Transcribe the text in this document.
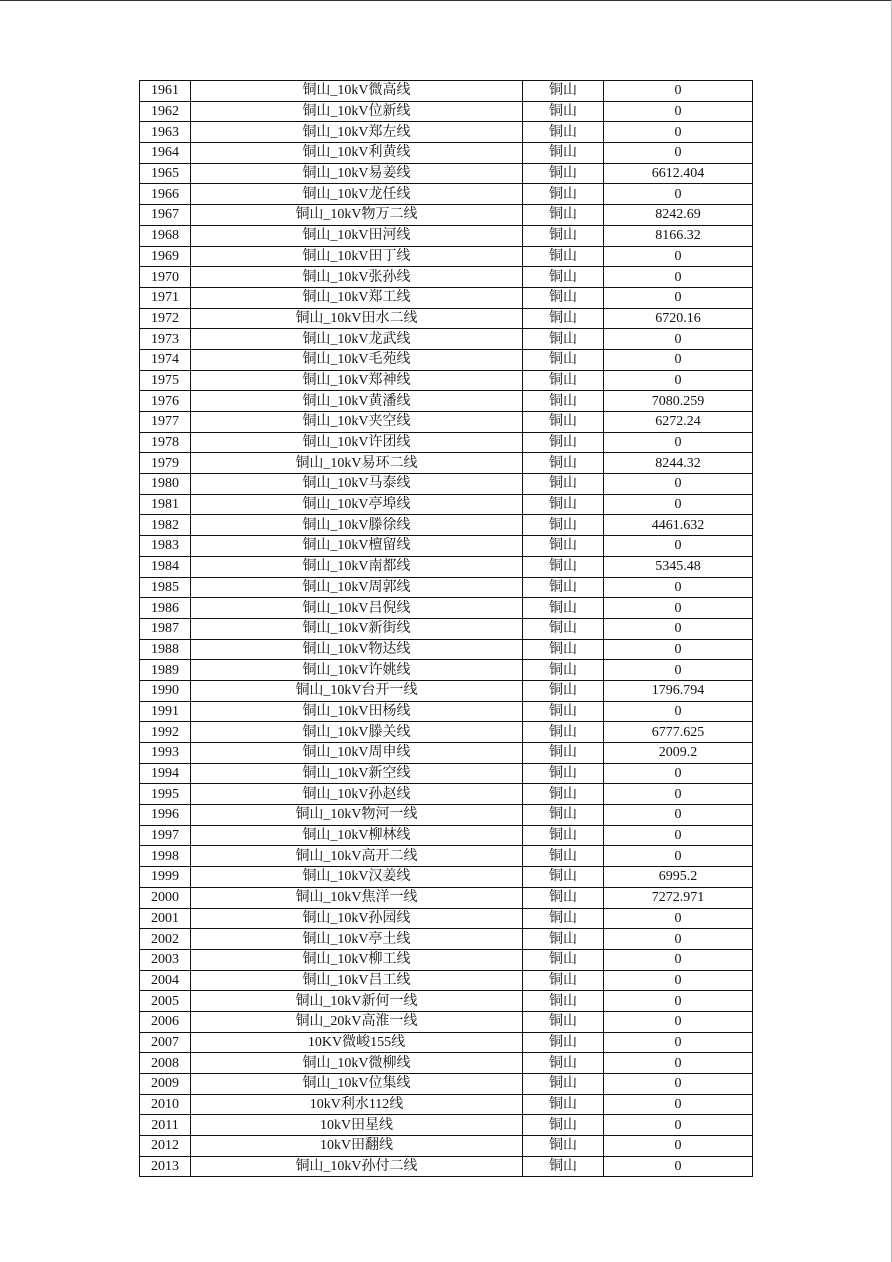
1961	铜山_10kV微高线	铜山	0
1962	铜山_10kV位新线	铜山	0
1963	铜山_10kV郑左线	铜山	0
1964	铜山_10kV利黄线	铜山	0
1965	铜山_10kV易姜线	铜山	6612.404
1966	铜山_10kV龙任线	铜山	0
1967	铜山_10kV物万二线	铜山	8242.69
1968	铜山_10kV田河线	铜山	8166.32
1969	铜山_10kV田丁线	铜山	0
1970	铜山_10kV张孙线	铜山	0
1971	铜山_10kV郑工线	铜山	0
1972	铜山_10kV田水二线	铜山	6720.16
1973	铜山_10kV龙武线	铜山	0
1974	铜山_10kV毛苑线	铜山	0
1975	铜山_10kV郑神线	铜山	0
1976	铜山_10kV黄潘线	铜山	7080.259
1977	铜山_10kV夹空线	铜山	6272.24
1978	铜山_10kV许团线	铜山	0
1979	铜山_10kV易环二线	铜山	8244.32
1980	铜山_10kV马泰线	铜山	0
1981	铜山_10kV亭埠线	铜山	0
1982	铜山_10kV滕徐线	铜山	4461.632
1983	铜山_10kV檀留线	铜山	0
1984	铜山_10kV南都线	铜山	5345.48
1985	铜山_10kV周郭线	铜山	0
1986	铜山_10kV吕倪线	铜山	0
1987	铜山_10kV新街线	铜山	0
1988	铜山_10kV物达线	铜山	0
1989	铜山_10kV许姚线	铜山	0
1990	铜山_10kV台开一线	铜山	1796.794
1991	铜山_10kV田杨线	铜山	0
1992	铜山_10kV滕关线	铜山	6777.625
1993	铜山_10kV周申线	铜山	2009.2
1994	铜山_10kV新空线	铜山	0
1995	铜山_10kV孙赵线	铜山	0
1996	铜山_10kV物河一线	铜山	0
1997	铜山_10kV柳林线	铜山	0
1998	铜山_10kV高开二线	铜山	0
1999	铜山_10kV汉姜线	铜山	6995.2
2000	铜山_10kV焦洋一线	铜山	7272.971
2001	铜山_10kV孙园线	铜山	0
2002	铜山_10kV亭土线	铜山	0
2003	铜山_10kV柳工线	铜山	0
2004	铜山_10kV吕工线	铜山	0
2005	铜山_10kV新何一线	铜山	0
2006	铜山_20kV高淮一线	铜山	0
2007	10KV微峻155线	铜山	0
2008	铜山_10kV微柳线	铜山	0
2009	铜山_10kV位集线	铜山	0
2010	10kV利水112线	铜山	0
2011	10kV田星线	铜山	0
2012	10kV田翻线	铜山	0
2013	铜山_10kV孙付二线	铜山	0
